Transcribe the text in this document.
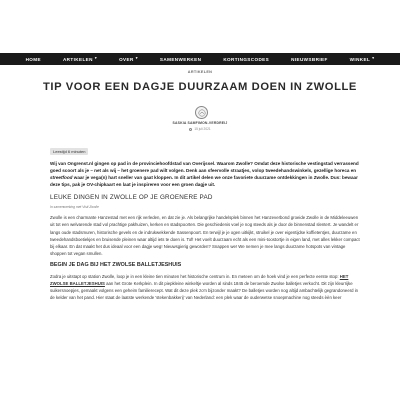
HOME	ARTIKELEN ▾	OVER ▾	SAMENWERKEN	KORTINGSCODES	NIEUWSBRIEF	WINKEL ▾
ARTIKELEN
TIP VOOR EEN DAGJE DUURZAAM DOEN IN ZWOLLE
SASKIA SAMFIMON-VERDREIJ
15 juli 2021
Leestijd 6 minuten

Wij van Ongrenst.nl gingen op pad in de provinciehoofdstad van Overijssel. Waarom Zwolle? Omdat deze historische vestingstad verrassend goed scoort als je – net als wij – het groenere pad wilt volgen. Denk aan sfeervolle straatjes, volop tweedehandswinkels, gezellige horeca en streetfood waar je vega(n) hart sneller van gaat kloppen. In dit artikel delen we onze favoriete duurzame ontdekkingen in Zwolle. Dus: bewaar deze tips, pak je OV-chipkaart en laat je inspireren voor een groen dagje uit.

LEUKE DINGEN IN ZWOLLE OP JE GROENERE PAD

In samenwerking met Visit Zwolle

Zwolle is een charmante Hanzestad met een rijk verleden, en dat zie je. Als belangrijke handelsplek binnen het Hanzeverbond groeide Zwolle in de Middeleeuwen uit tot een welvarende stad vol prachtige pakhuizen, kerken en stadspoorten. Die geschiedenis voel je nog steeds als je door de binnenstad slentert. Je wandelt er langs oude stadsmuren, historische gevels en de indrukwekkende Sassenpoort. En terwijl je je ogen uitkijkt, struikel je over eigentijdse koffietentjes, duurzame en tweedehandsboetiekjes en bruisende pleinen waar altijd iets te doen is. Tof! Het voelt duurzaam echt als een mini-toostortje in eigen land, met alles lekker compact bij elkaar. En dat maakt het dus ideaal voor een dagje weg! Nieuwsgierig geworden? Snappen we! We nemen je mee langs duurzame hotspots van vintage shoppen tot vegan smullen.

BEGIN JE DAG BIJ HET ZWOLSE BALLETJESHUIS

Zodra je uitstapt op station Zwolle, loop je in een kleine tien minuten het historische centrum in. En meteen om de hoek vind je een perfecte eerste stop: HET ZWOLSE BALLETJESHUIS aan het Grote Kerkplein. In dit piepkleine winkeltje worden al sinds 1845 de beroemde Zwolse balletjes verkocht. Dit zijn kleurrijke suikersnoepjes, gemaakt volgens een geheim familierecept. Wat dit deze plek zo'n bijzonder maakt? De balletjes worden nog altijd ambachtelijk gegrandoneerd in de kelder van het pand. Hier staat de laatste werkende 'stekenbakkerij' van Nederland: een plek waar de ouderwetse snoepmachine nog steeds èèn keer
